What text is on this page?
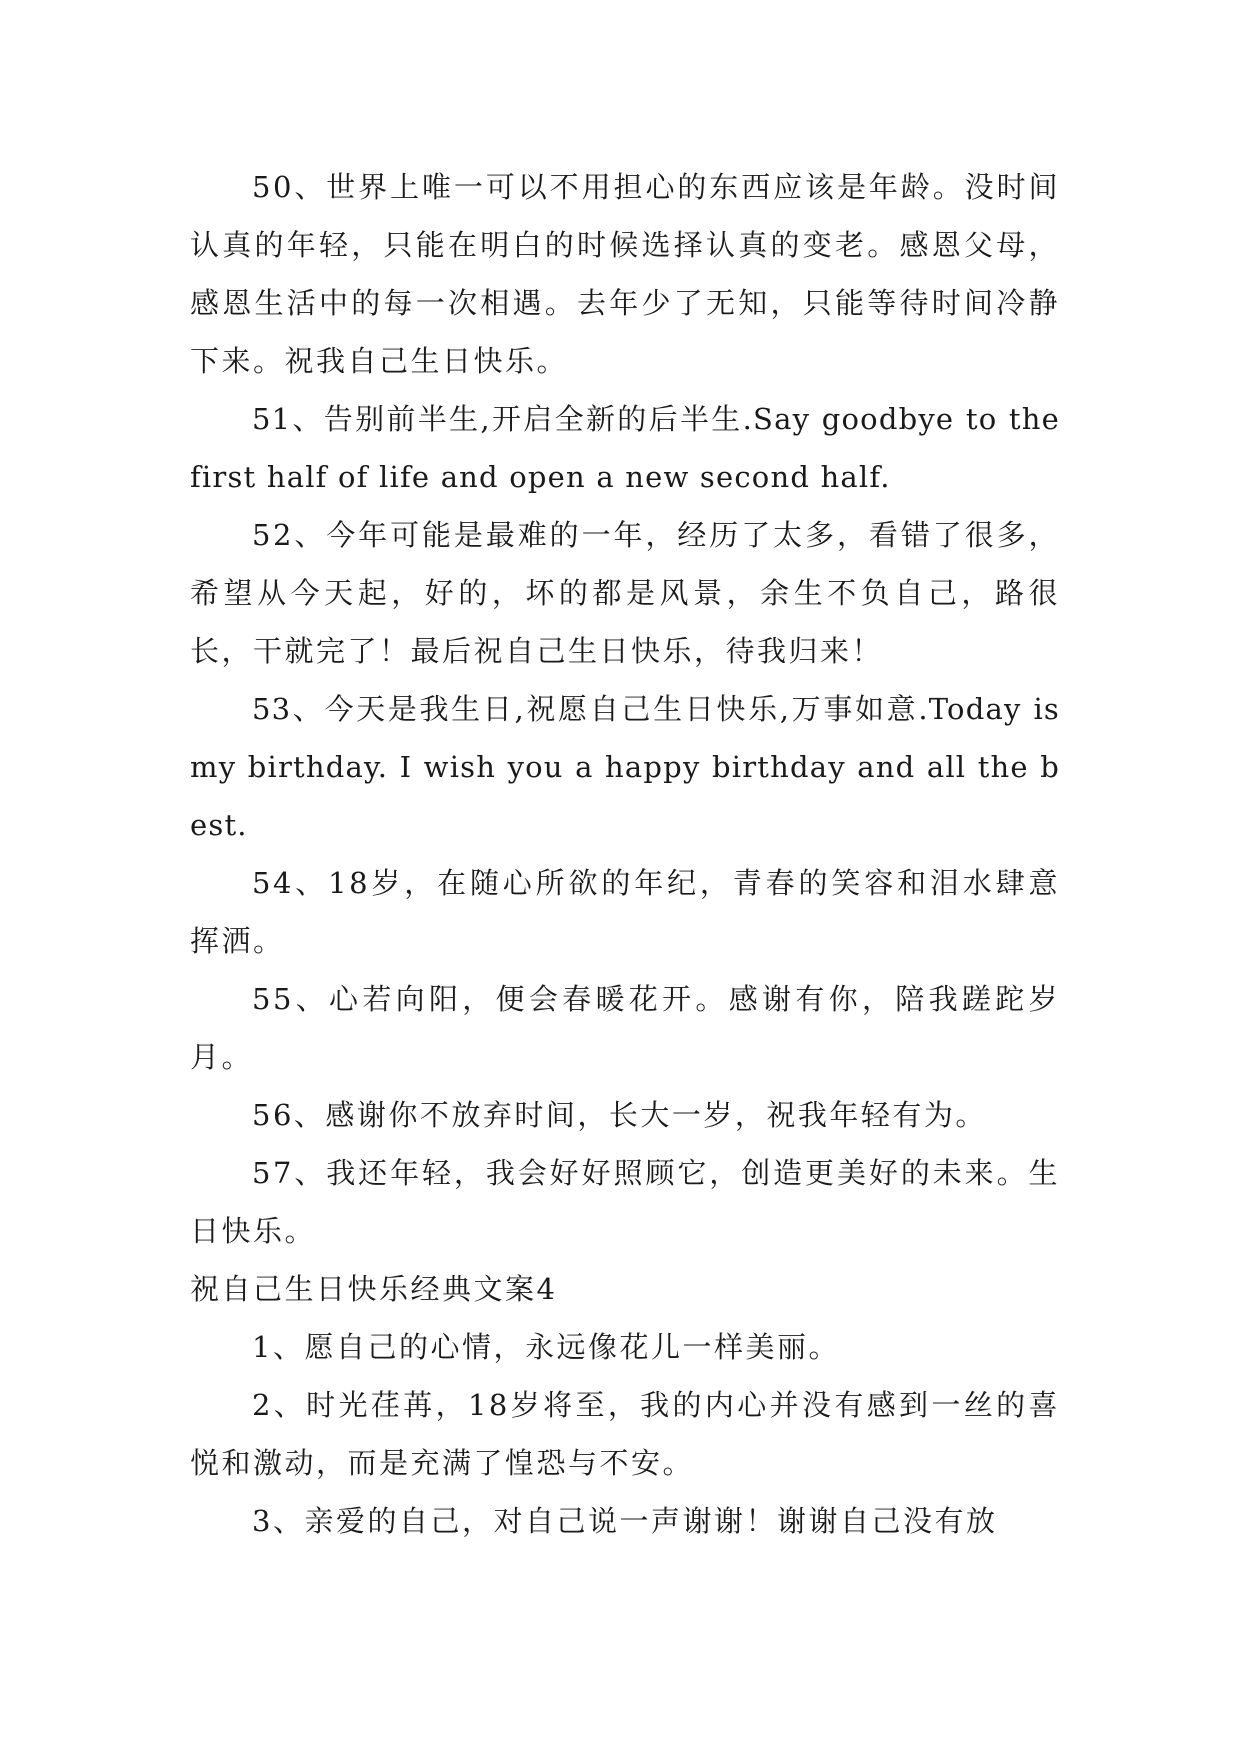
50、世界上唯一可以不用担心的东西应该是年龄。没时间认真的年轻，只能在明白的时候选择认真的变老。感恩父母，感恩生活中的每一次相遇。去年少了无知，只能等待时间冷静下来。祝我自己生日快乐。

51、告别前半生,开启全新的后半生.Say goodbye to the first half of life and open a new second half.

52、今年可能是最难的一年，经历了太多，看错了很多，希望从今天起，好的，坏的都是风景，余生不负自己，路很长，干就完了！最后祝自己生日快乐，待我归来！

53、今天是我生日,祝愿自己生日快乐,万事如意.Today is my birthday. I wish you a happy birthday and all the best.

54、18岁，在随心所欲的年纪，青春的笑容和泪水肆意挥洒。

55、心若向阳，便会春暖花开。感谢有你，陪我蹉跎岁月。

56、感谢你不放弃时间，长大一岁，祝我年轻有为。

57、我还年轻，我会好好照顾它，创造更美好的未来。生日快乐。

祝自己生日快乐经典文案4

1、愿自己的心情，永远像花儿一样美丽。

2、时光荏苒，18岁将至，我的内心并没有感到一丝的喜悦和激动，而是充满了惶恐与不安。

3、亲爱的自己，对自己说一声谢谢！谢谢自己没有放
